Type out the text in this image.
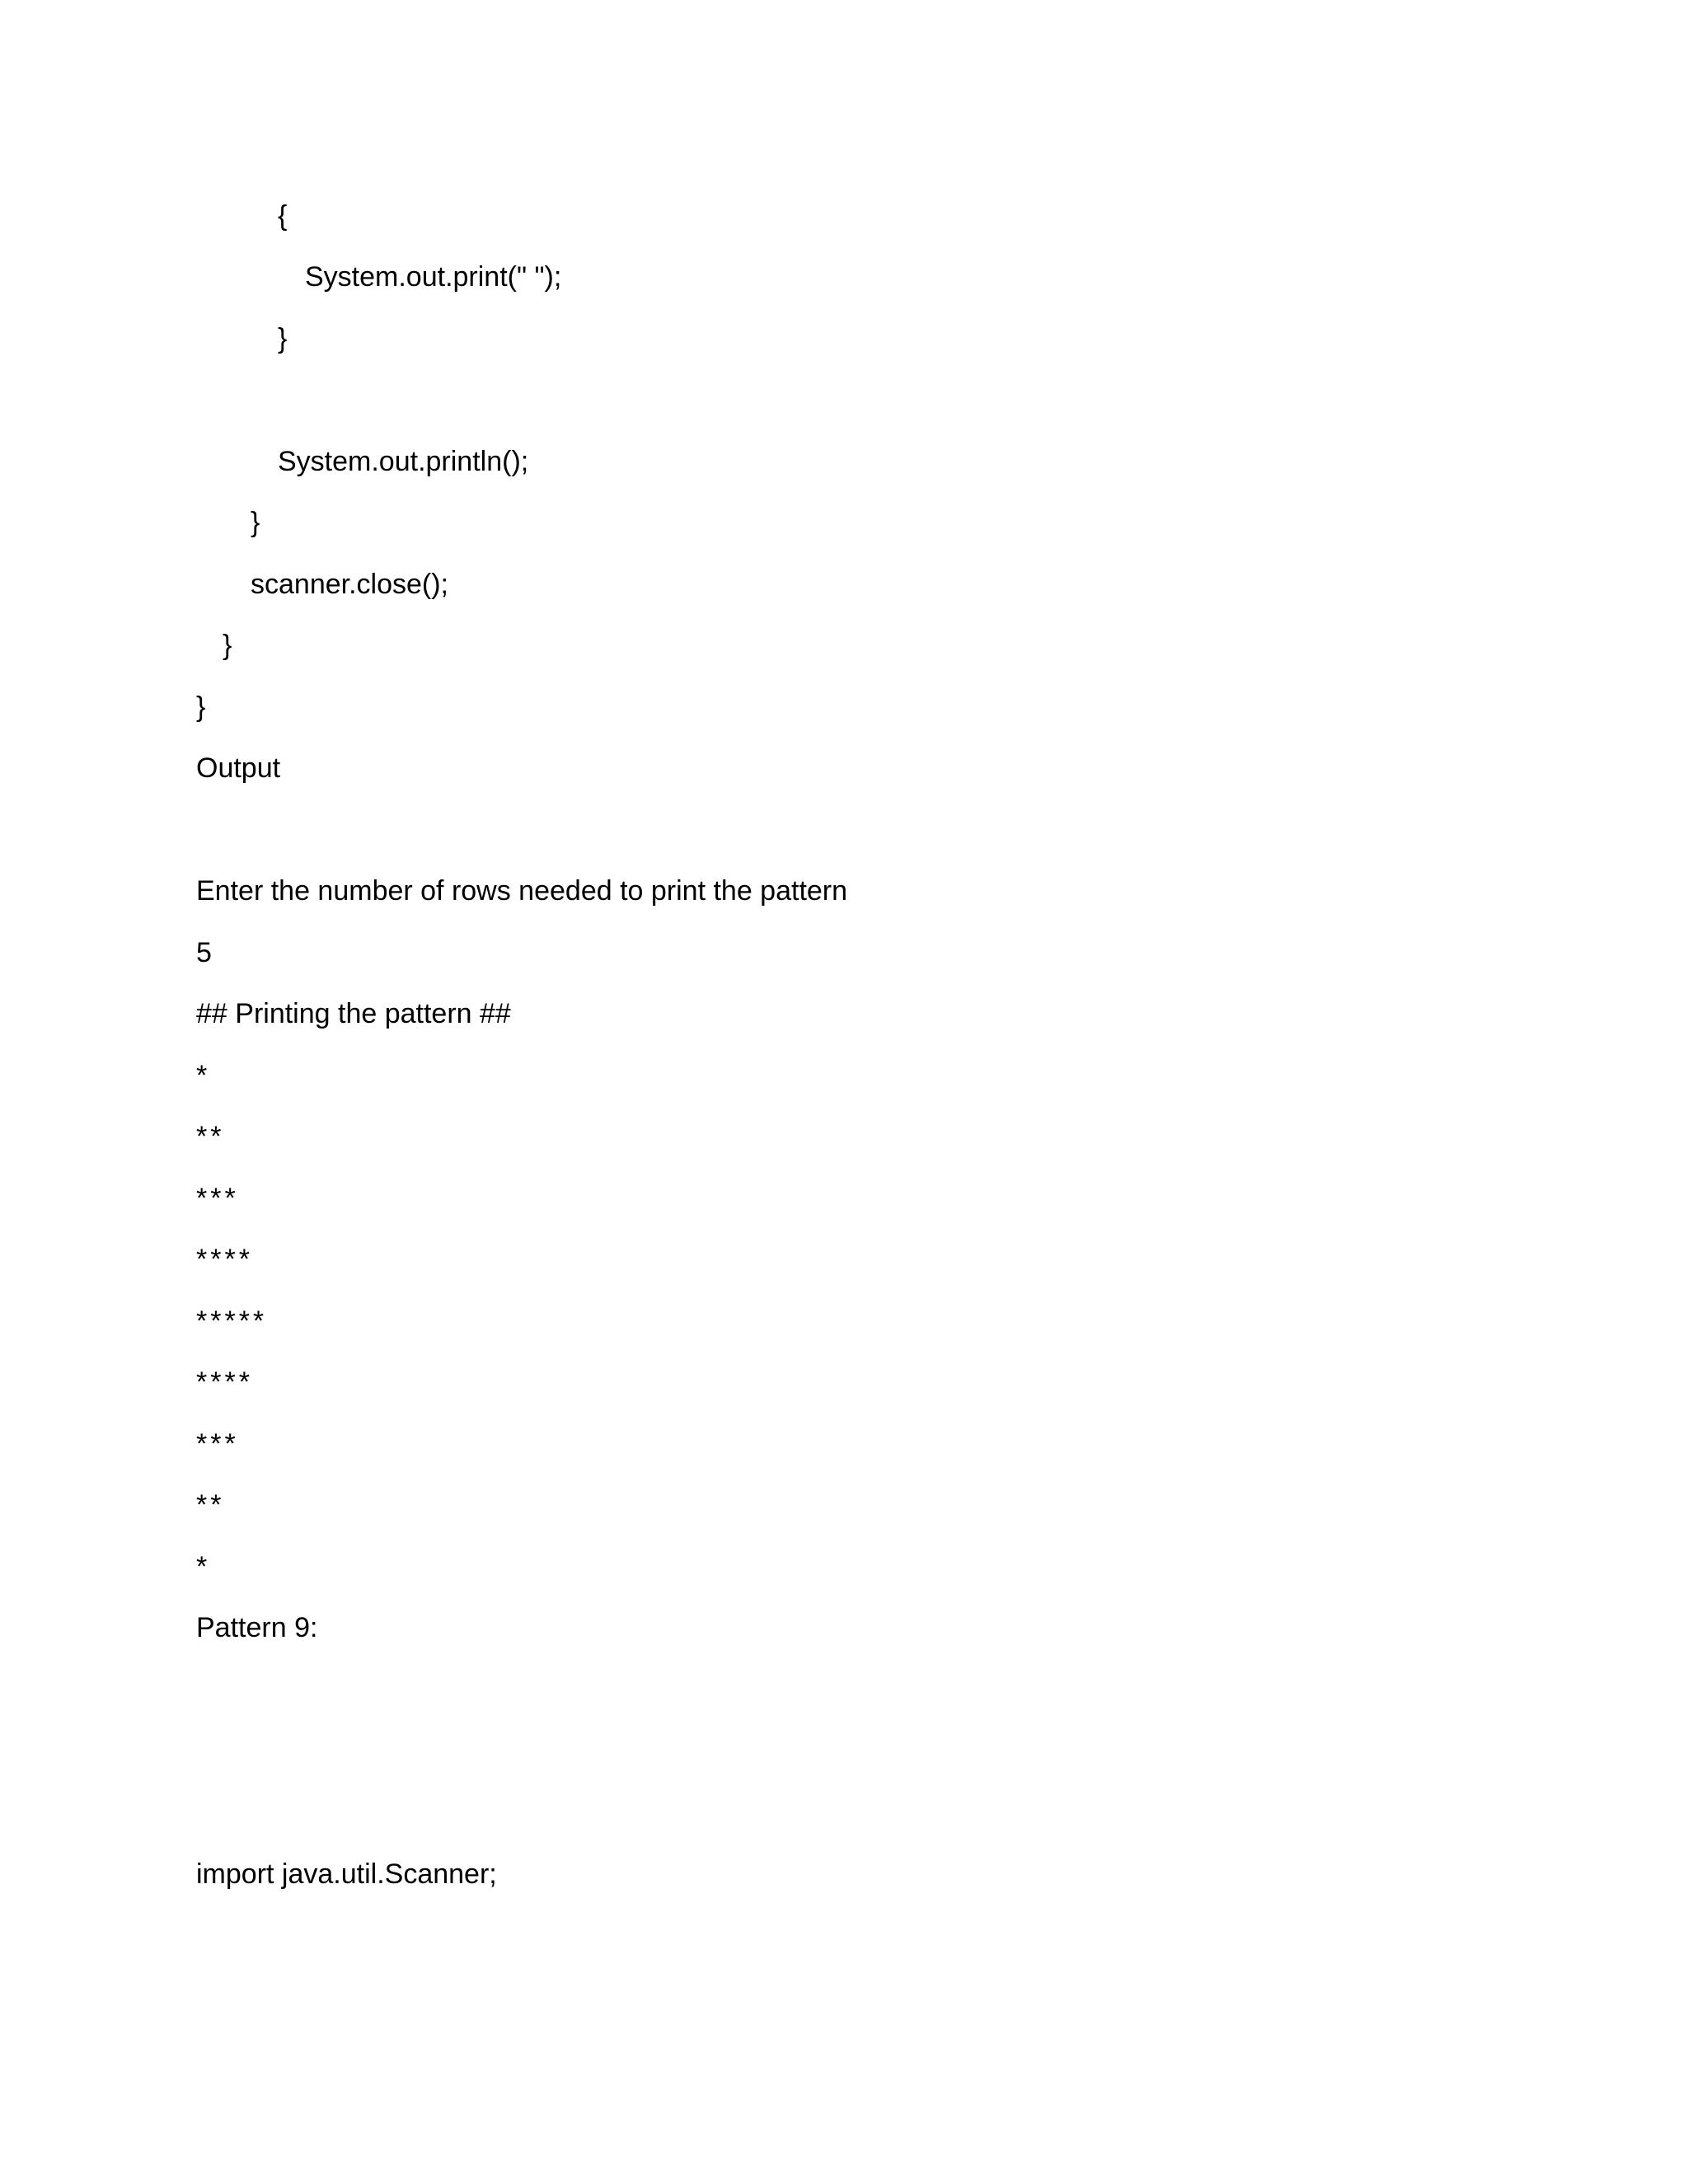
{

System.out.print(" ");

}

System.out.println();

}

scanner.close();

}

}

Output

Enter the number of rows needed to print the pattern

5

## Printing the pattern ##

*

**

***

****

*****

****

***

**

*

Pattern 9:

import java.util.Scanner;
